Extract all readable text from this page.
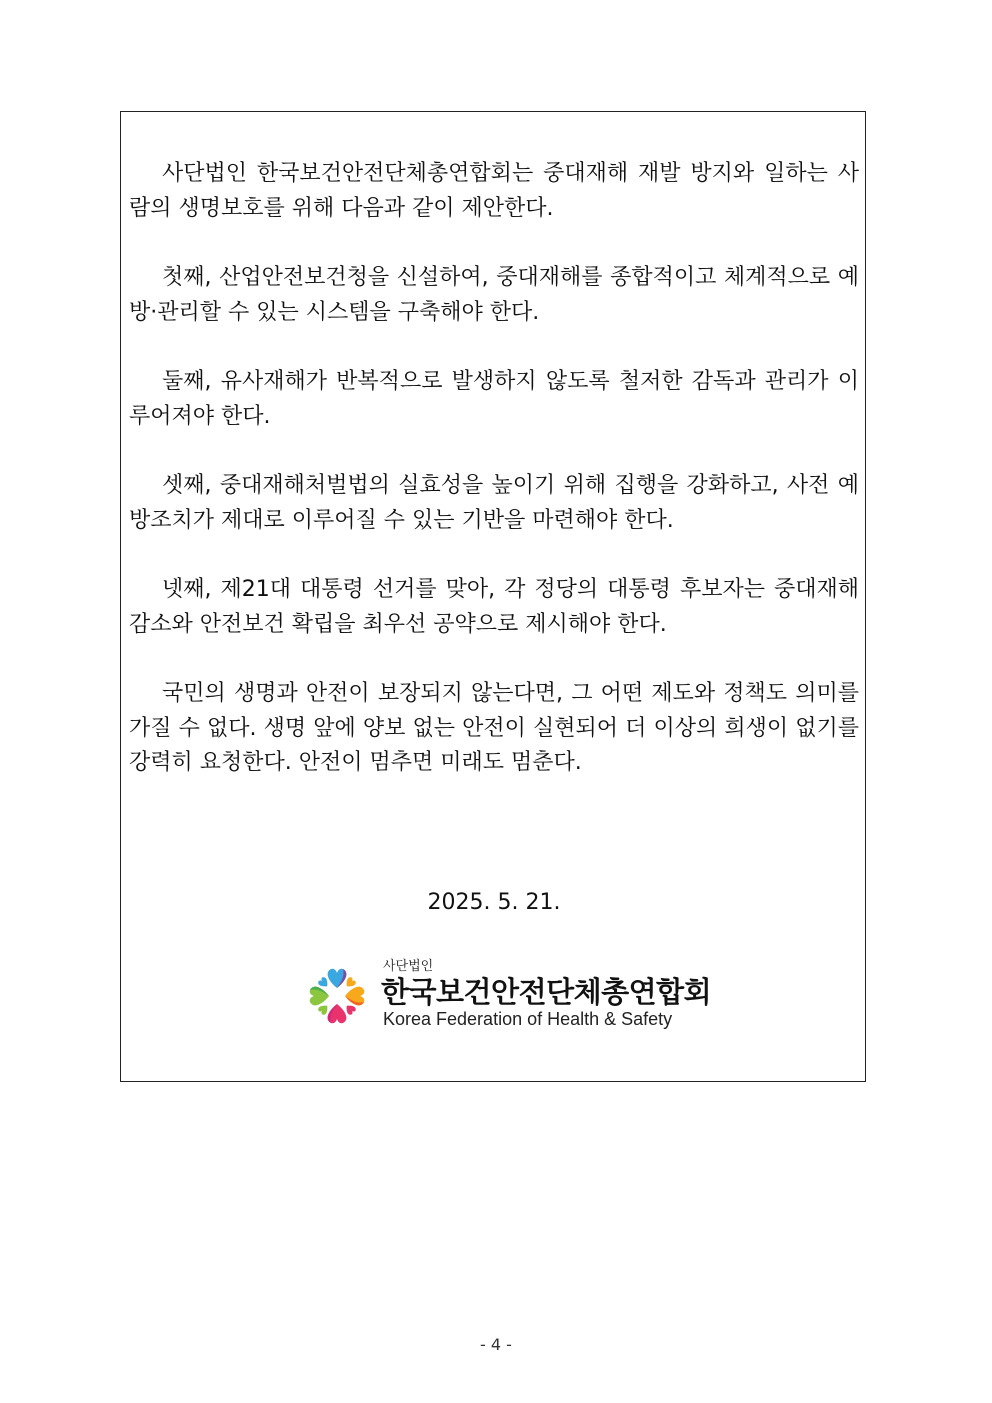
사단법인 한국보건안전단체총연합회는 중대재해 재발 방지와 일하는 사람의 생명보호를 위해 다음과 같이 제안한다.

첫째, 산업안전보건청을 신설하여, 중대재해를 종합적이고 체계적으로 예방·관리할 수 있는 시스템을 구축해야 한다.

둘째, 유사재해가 반복적으로 발생하지 않도록 철저한 감독과 관리가 이루어져야 한다.

셋째, 중대재해처벌법의 실효성을 높이기 위해 집행을 강화하고, 사전 예방조치가 제대로 이루어질 수 있는 기반을 마련해야 한다.

넷째, 제21대 대통령 선거를 맞아, 각 정당의 대통령 후보자는 중대재해 감소와 안전보건 확립을 최우선 공약으로 제시해야 한다.

국민의 생명과 안전이 보장되지 않는다면, 그 어떤 제도와 정책도 의미를 가질 수 없다. 생명 앞에 양보 없는 안전이 실현되어 더 이상의 희생이 없기를 강력히 요청한다. 안전이 멈추면 미래도 멈춘다.

2025. 5. 21.
사단법인
한국보건안전단체총연합회
Korea Federation of Health & Safety
- 4 -
